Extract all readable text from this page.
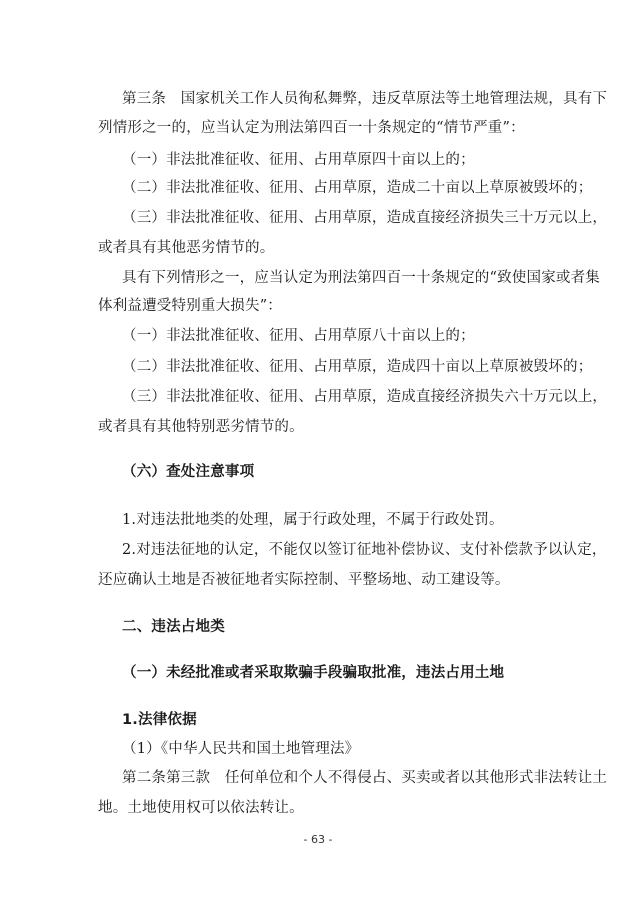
第三条　国家机关工作人员徇私舞弊，违反草原法等土地管理法规，具有下
列情形之一的，应当认定为刑法第四百一十条规定的“情节严重”：
（一）非法批准征收、征用、占用草原四十亩以上的；
（二）非法批准征收、征用、占用草原，造成二十亩以上草原被毁坏的；
（三）非法批准征收、征用、占用草原，造成直接经济损失三十万元以上，
或者具有其他恶劣情节的。
具有下列情形之一，应当认定为刑法第四百一十条规定的“致使国家或者集
体利益遭受特别重大损失”：
（一）非法批准征收、征用、占用草原八十亩以上的；
（二）非法批准征收、征用、占用草原，造成四十亩以上草原被毁坏的；
（三）非法批准征收、征用、占用草原，造成直接经济损失六十万元以上，
或者具有其他特别恶劣情节的。
（六）查处注意事项
1.对违法批地类的处理，属于行政处理，不属于行政处罚。
2.对违法征地的认定，不能仅以签订征地补偿协议、支付补偿款予以认定，
还应确认土地是否被征地者实际控制、平整场地、动工建设等。
二、违法占地类
（一）未经批准或者采取欺骗手段骗取批准，违法占用土地
1.法律依据
（1）《中华人民共和国土地管理法》
第二条第三款　任何单位和个人不得侵占、买卖或者以其他形式非法转让土
地。土地使用权可以依法转让。
- 63 -
